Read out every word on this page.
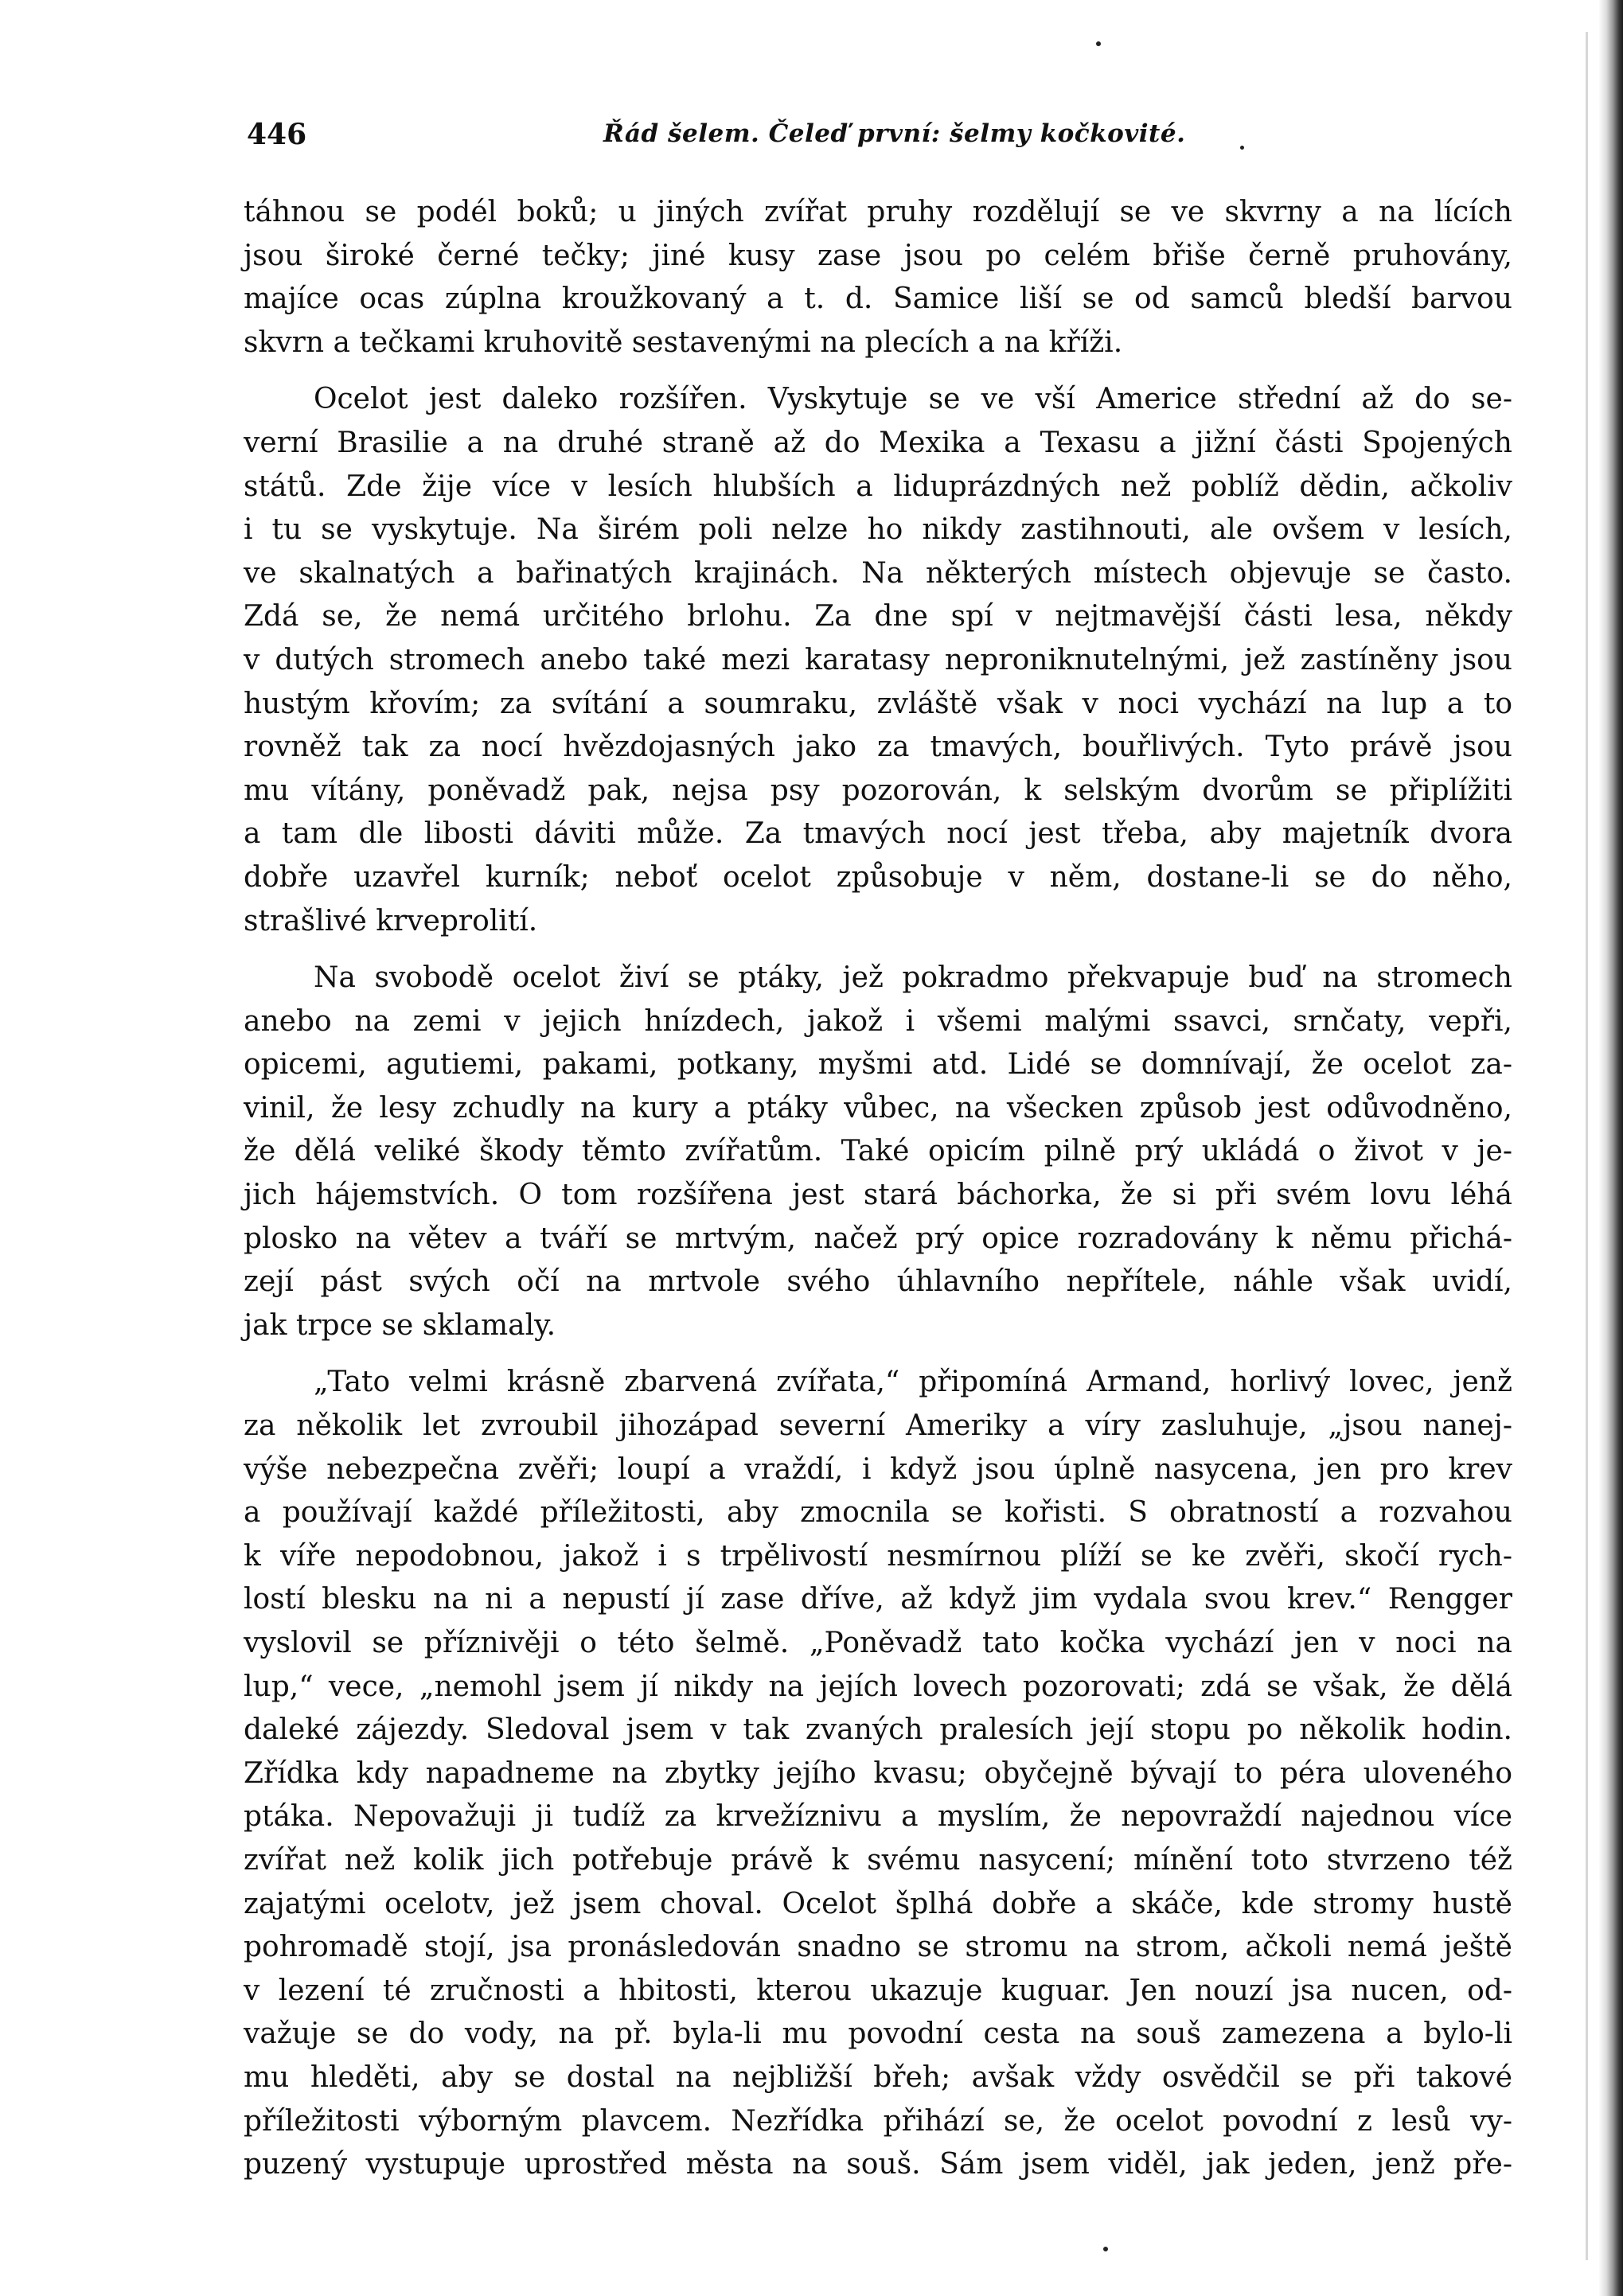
446	Řád šelem. Čeleď první: šelmy kočkovité.
táhnou se podél boků; u jiných zvířat pruhy rozdělují se ve skvrny a na lících
jsou široké černé tečky; jiné kusy zase jsou po celém břiše černě pruhovány,
majíce ocas zúplna kroužkovaný a t. d. Samice liší se od samců bledší barvou
skvrn a tečkami kruhovitě sestavenými na plecích a na kříži.
Ocelot jest daleko rozšířen. Vyskytuje se ve vší Americe střední až do se-
verní Brasilie a na druhé straně až do Mexika a Texasu a jižní části Spojených
států. Zde žije více v lesích hlubších a liduprázdných než poblíž dědin, ačkoliv
i tu se vyskytuje. Na širém poli nelze ho nikdy zastihnouti, ale ovšem v lesích,
ve skalnatých a bařinatých krajinách. Na některých místech objevuje se často.
Zdá se, že nemá určitého brlohu. Za dne spí v nejtmavější části lesa, někdy
v dutých stromech anebo také mezi karatasy neproniknutelnými, jež zastíněny jsou
hustým křovím; za svítání a soumraku, zvláště však v noci vychází na lup a to
rovněž tak za nocí hvězdojasných jako za tmavých, bouřlivých. Tyto právě jsou
mu vítány, poněvadž pak, nejsa psy pozorován, k selským dvorům se připlížiti
a tam dle libosti dáviti může. Za tmavých nocí jest třeba, aby majetník dvora
dobře uzavřel kurník; neboť ocelot způsobuje v něm, dostane-li se do něho,
strašlivé krveprolití.
Na svobodě ocelot živí se ptáky, jež pokradmo překvapuje buď na stromech
anebo na zemi v jejich hnízdech, jakož i všemi malými ssavci, srnčaty, vepři,
opicemi, agutiemi, pakami, potkany, myšmi atd. Lidé se domnívají, že ocelot za-
vinil, že lesy zchudly na kury a ptáky vůbec, na všecken způsob jest odůvodněno,
že dělá veliké škody těmto zvířatům. Také opicím pilně prý ukládá o život v je-
jich hájemstvích. O tom rozšířena jest stará báchorka, že si při svém lovu léhá
plosko na větev a tváří se mrtvým, načež prý opice rozradovány k němu přichá-
zejí pást svých očí na mrtvole svého úhlavního nepřítele, náhle však uvidí,
jak trpce se sklamaly.
„Tato velmi krásně zbarvená zvířata,“ připomíná Armand, horlivý lovec, jenž
za několik let zvroubil jihozápad severní Ameriky a víry zasluhuje, „jsou nanej-
výše nebezpečna zvěři; loupí a vraždí, i když jsou úplně nasycena, jen pro krev
a používají každé příležitosti, aby zmocnila se kořisti. S obratností a rozvahou
k víře nepodobnou, jakož i s trpělivostí nesmírnou plíží se ke zvěři, skočí rych-
lostí blesku na ni a nepustí jí zase dříve, až když jim vydala svou krev.“ Rengger
vyslovil se příznivěji o této šelmě. „Poněvadž tato kočka vychází jen v noci na
lup,“ vece, „nemohl jsem jí nikdy na jejích lovech pozorovati; zdá se však, že dělá
daleké zájezdy. Sledoval jsem v tak zvaných pralesích její stopu po několik hodin.
Zřídka kdy napadneme na zbytky jejího kvasu; obyčejně bývají to péra uloveného
ptáka. Nepovažuji ji tudíž za krvežíznivu a myslím, že nepovraždí najednou více
zvířat než kolik jich potřebuje právě k svému nasycení; mínění toto stvrzeno též
zajatými ocelotv, jež jsem choval. Ocelot šplhá dobře a skáče, kde stromy hustě
pohromadě stojí, jsa pronásledován snadno se stromu na strom, ačkoli nemá ještě
v lezení té zručnosti a hbitosti, kterou ukazuje kuguar. Jen nouzí jsa nucen, od-
važuje se do vody, na př. byla-li mu povodní cesta na souš zamezena a bylo-li
mu hleděti, aby se dostal na nejbližší břeh; avšak vždy osvědčil se při takové
příležitosti výborným plavcem. Nezřídka přihází se, že ocelot povodní z lesů vy-
puzený vystupuje uprostřed města na souš. Sám jsem viděl, jak jeden, jenž pře-
